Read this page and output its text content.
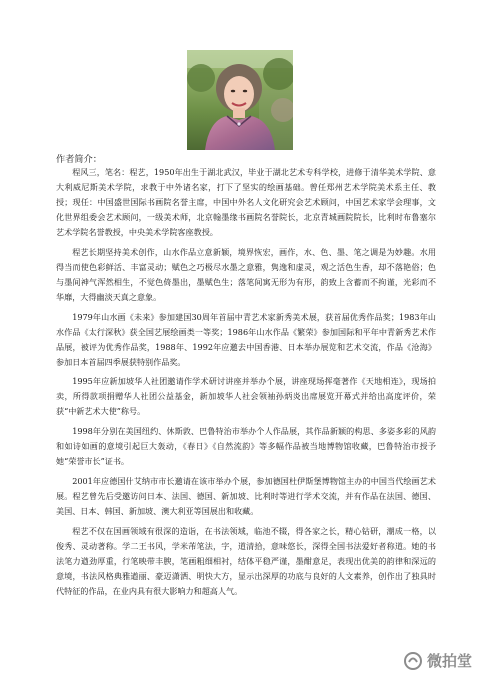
作者简介：

程风三，笔名：程艺，1950年出生于湖北武汉，毕业于湖北艺术专科学校，进修于清华美术学院、意大利威尼斯美术学院，求教于中外诸名家，打下了坚实的绘画基础。曾任郑州艺术学院美术系主任、教授；现任：中国盛世国际书画院名誉主席，中国中外名人文化研究会艺术顾问，中国艺术家学会理事，文化世界组委会艺术顾问，一级美术师，北京翰墨缘书画院名誉院长，北京青城画院院长，比利时布鲁塞尔艺术学院名誉教授，中央美术学院客座教授。

程艺长期坚持美术创作，山水作品立意新颖，境界恢宏，画作，水、色、墨、笔之调是为妙趣。水用得当而使色彩鲜活、丰富灵动；赋色之巧极尽水墨之意雅，隽逸和虚灵，观之活色生香，却不落艳俗；色与墨间神气浑然相生，不觉色倚墨出，墨赋色生；落笔间寓无形为有形，韵致上含蓄而不拘谨，光彩而不华靡，大得幽淡天真之意象。

1979年山水画《未来》参加建国30周年首届中青艺术家新秀美术展，获首届优秀作品奖；1983年山水作品《太行深秋》获全国艺展绘画类一等奖；1986年山水作品《繁荣》参加国际和平年中青新秀艺术作品展，被评为优秀作品奖，1988年、1992年应邀去中国香港、日本举办展览和艺术交流，作品《沧海》参加日本首届四季展获特别作品奖。

1995年应新加坡华人社团邀请作学术研讨讲座并举办个展，讲座现场挥毫著作《天地相连》，现场拍卖，所得款项捐赠华人社团公益基金，新加坡华人社会领袖孙炳炎出席展览开幕式并给出高度评价，荣获“中新艺术大使”称号。

1998年分别在美国纽约、休斯敦、巴鲁特治市举办个人作品展，其作品新颖的构思、多姿多彩的风韵和如诗如画的意境引起巨大轰动，《春日》《自然流韵》等多幅作品被当地博物馆收藏，巴鲁特治市授予她“荣誉市长”证书。

2001年应德国什艾纳市市长邀请在该市举办个展，参加德国杜伊斯堡博物馆主办的中国当代绘画艺术展。程艺曾先后受邀访问日本、法国、德国、新加坡、比利时等进行学术交流，并有作品在法国、德国、美国、日本、韩国、新加坡、澳大利亚等国展出和收藏。

程艺不仅在国画领域有很深的造诣，在书法领域，临池不辍，得各家之长，精心钻研，潮成一格，以俊秀、灵动著称。学二王书风，学米芾笔法，字，道清拾，意味悠长，深得全国书法爱好者称道。她的书法笔力遒劲厚重，行笔映带丰腴，笔画粗细相衬，结体平稳严谨，墨酣意足，表现出优美的韵律和深远的意境，书法风格典雅遒丽、豪迈潇洒、明快大方，显示出深厚的功底与良好的人文素养，创作出了独具时代特征的作品，在业内具有很大影响力和超高人气。

微拍堂
